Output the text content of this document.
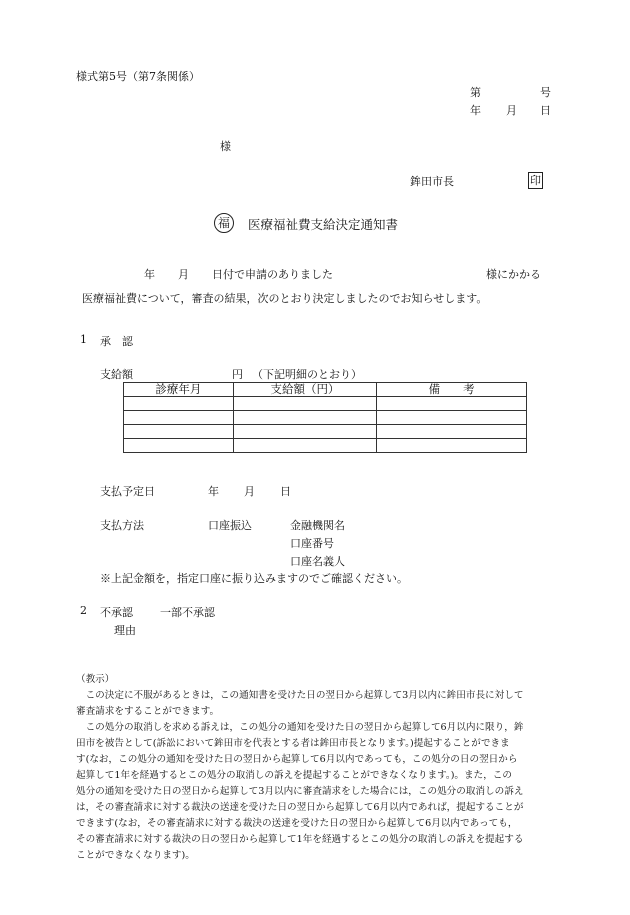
様式第5号（第7条関係）
第	号
年 月 日
様
鉾田市長	印
福	医療福祉費支給決定通知書
年 月 日付で申請のありました	様にかかる
医療福祉費について，審査の結果，次のとおり決定しましたのでお知らせします。
1 承　認
支給額	円 （下記明細のとおり）
診療年月	支給額（円）	備　　考

支払予定日	年 月 日
支払方法	口座振込	金融機関名
口座番号
口座名義人
※上記金額を，指定口座に振り込みますのでご確認ください。
2 不承認 一部不承認
理由

（教示）

　この決定に不服があるときは，この通知書を受けた日の翌日から起算して3月以内に鉾田市長に対して

審査請求をすることができます。

　この処分の取消しを求める訴えは，この処分の通知を受けた日の翌日から起算して6月以内に限り，鉾

田市を被告として(訴訟において鉾田市を代表とする者は鉾田市長となります。)提起することができま

す(なお，この処分の通知を受けた日の翌日から起算して6月以内であっても，この処分の日の翌日から

起算して1年を経過するとこの処分の取消しの訴えを提起することができなくなります。)。また，この

処分の通知を受けた日の翌日から起算して3月以内に審査請求をした場合には，この処分の取消しの訴え

は，その審査請求に対する裁決の送達を受けた日の翌日から起算して6月以内であれば，提起することが

できます(なお，その審査請求に対する裁決の送達を受けた日の翌日から起算して6月以内であっても，

その審査請求に対する裁決の日の翌日から起算して1年を経過するとこの処分の取消しの訴えを提起する

ことができなくなります)。
